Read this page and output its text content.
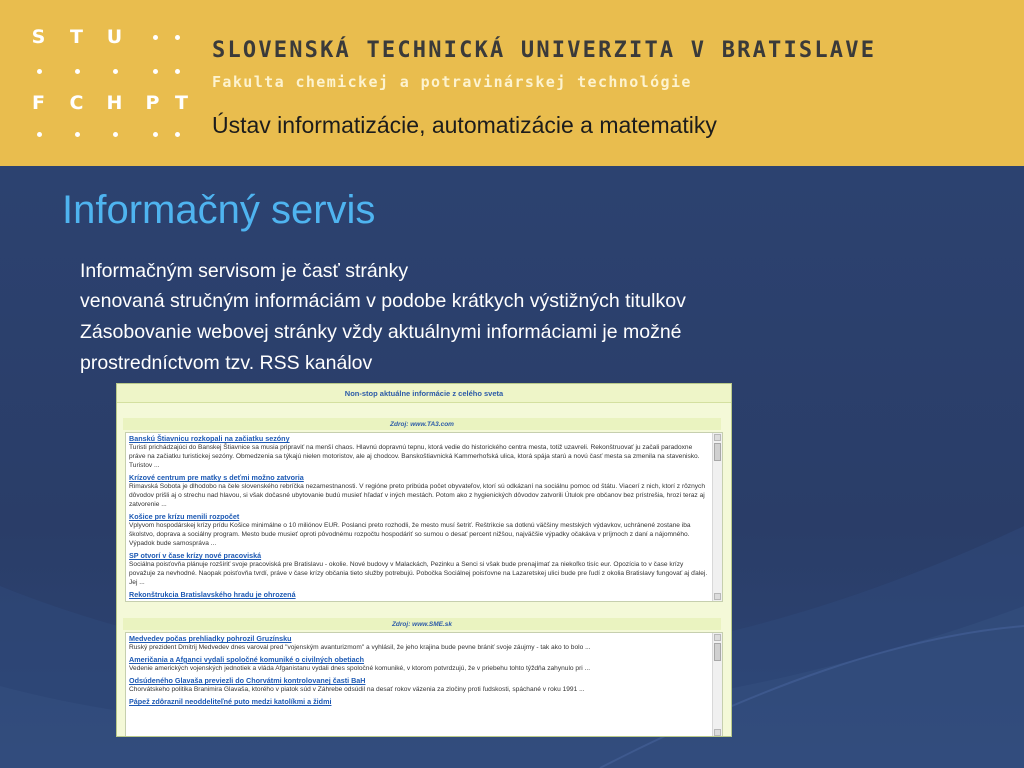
S	T	U
F	C	H	P T
SLOVENSKÁ TECHNICKÁ UNIVERZITA V BRATISLAVE
Fakulta chemickej a potravinárskej technológie
Ústav informatizácie, automatizácie a matematiky
Informačný servis
Informačným servisom je časť stránky
venovaná stručným informáciám v podobe krátkych výstižných titulkov
Zásobovanie webovej stránky vždy aktuálnymi informáciami je možné
prostredníctvom tzv. RSS kanálov
Non-stop aktuálne informácie z celého sveta
Zdroj: www.TA3.com
Banskú Štiavnicu rozkopali na začiatku sezóny
Turisti prichádzajúci do Banskej Štiavnice sa musia pripraviť na menší chaos. Hlavnú dopravnú tepnu, ktorá vedie do historického centra mesta, totiž uzavreli. Rekonštruovať ju začali paradoxne práve na začiatku turistickej sezóny. Obmedzenia sa týkajú nielen motoristov, ale aj chodcov. Banskoštiavnická Kammerhofská ulica, ktorá spája starú a novú časť mesta sa zmenila na stavenisko. Turistov ...
Krízové centrum pre matky s deťmi možno zatvoria
Rimavská Sobota je dlhodobo na čele slovenského rebríčka nezamestnanosti. V regióne preto pribúda počet obyvateľov, ktorí sú odkázaní na sociálnu pomoc od štátu. Viacerí z nich, ktorí z rôznych dôvodov prišli aj o strechu nad hlavou, si však dočasné ubytovanie budú musieť hľadať v iných mestách. Potom ako z hygienických dôvodov zatvorili Útulok pre občanov bez prístrešia, hrozí teraz aj zatvorenie ...
Košice pre krízu menili rozpočet
Vplyvom hospodárskej krízy prídu Košice minimálne o 10 miliónov EUR. Poslanci preto rozhodli, že mesto musí šetriť. Reštrikcie sa dotknú väčšiny mestských výdavkov, uchránené zostane iba školstvo, doprava a sociálny program. Mesto bude musieť oproti pôvodnému rozpočtu hospodáriť so sumou o desať percent nižšou, najväčšie výpadky očakáva v príjmoch z daní a nájomného. Výpadok bude samospráva ...
SP otvorí v čase krízy nové pracoviská
Sociálna poisťovňa plánuje rozšíriť svoje pracoviská pre Bratislavu - okolie. Nové budovy v Malackách, Pezinku a Senci si však bude prenajímať za niekoľko tisíc eur. Opozícia to v čase krízy považuje za nevhodné. Naopak poisťovňa tvrdí, práve v čase krízy občania tieto služby potrebujú. Pobočka Sociálnej poisťovne na Lazaretskej ulici bude pre ľudí z okolia Bratislavy fungovať aj ďalej. Jej ...
Rekonštrukcia Bratislavského hradu je ohrozená
Zdroj: www.SME.sk
Medvedev počas prehliadky pohrozil Gruzínsku
Ruský prezident Dmitrij Medvedev dnes varoval pred "vojenským avanturizmom" a vyhlásil, že jeho krajina bude pevne brániť svoje záujmy - tak ako to bolo ...
Američania a Afganci vydali spoločné komuniké o civilných obetiach
Vedenie amerických vojenských jednotiek a vláda Afganistanu vydali dnes spoločné komuniké, v ktorom potvrdzujú, že v priebehu tohto týždňa zahynulo pri ...
Odsúdeného Glavaša previezli do Chorvátmi kontrolovanej časti BaH
Chorvátskeho politika Branimira Glavaša, ktorého v piatok súd v Záhrebe odsúdil na desať rokov väzenia za zločiny proti ľudskosti, spáchané v roku 1991 ...
Pápež zdôraznil neoddeliteľné puto medzi katolíkmi a židmi
